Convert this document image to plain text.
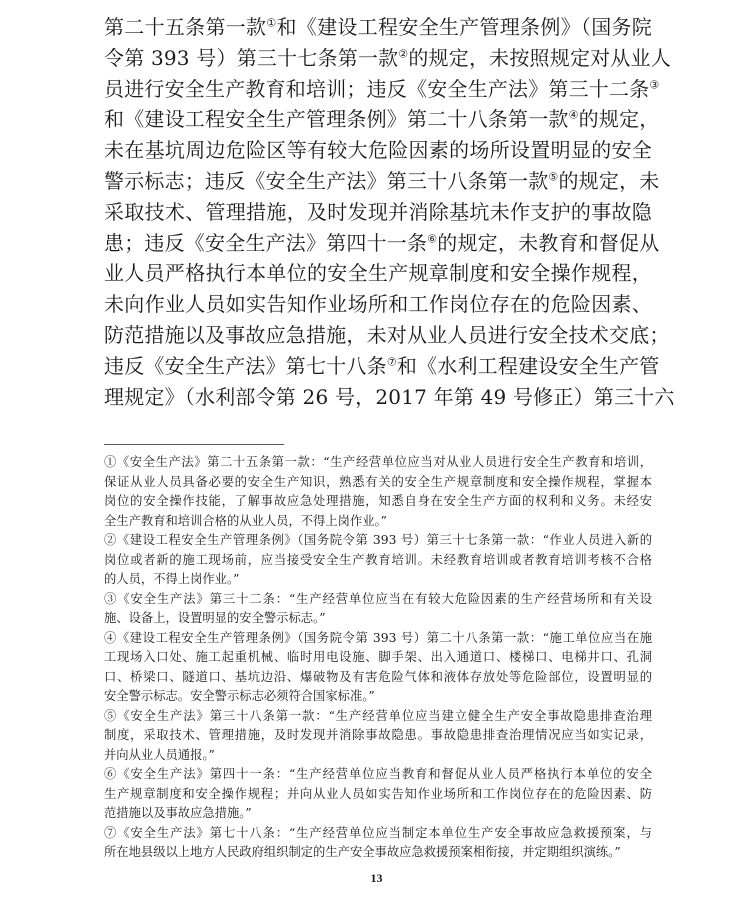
第二十五条第一款①和《建设工程安全生产管理条例》（国务院
令第 393 号）第三十七条第一款②的规定，未按照规定对从业人
员进行安全生产教育和培训；违反《安全生产法》第三十二条③
和《建设工程安全生产管理条例》第二十八条第一款④的规定，
未在基坑周边危险区等有较大危险因素的场所设置明显的安全
警示标志；违反《安全生产法》第三十八条第一款⑤的规定，未
采取技术、管理措施，及时发现并消除基坑未作支护的事故隐
患；违反《安全生产法》第四十一条⑥的规定，未教育和督促从
业人员严格执行本单位的安全生产规章制度和安全操作规程，
未向作业人员如实告知作业场所和工作岗位存在的危险因素、
防范措施以及事故应急措施，未对从业人员进行安全技术交底；
违反《安全生产法》第七十八条⑦和《水利工程建设安全生产管
理规定》（水利部令第 26 号，2017 年第 49 号修正）第三十六
①《安全生产法》第二十五条第一款：“生产经营单位应当对从业人员进行安全生产教育和培训，
保证从业人员具备必要的安全生产知识，熟悉有关的安全生产规章制度和安全操作规程，掌握本
岗位的安全操作技能，了解事故应急处理措施，知悉自身在安全生产方面的权利和义务。未经安
全生产教育和培训合格的从业人员，不得上岗作业。”
②《建设工程安全生产管理条例》（国务院令第 393 号）第三十七条第一款：“作业人员进入新的
岗位或者新的施工现场前，应当接受安全生产教育培训。未经教育培训或者教育培训考核不合格
的人员，不得上岗作业。”
③《安全生产法》第三十二条：“生产经营单位应当在有较大危险因素的生产经营场所和有关设
施、设备上，设置明显的安全警示标志。”
④《建设工程安全生产管理条例》（国务院令第 393 号）第二十八条第一款：“施工单位应当在施
工现场入口处、施工起重机械、临时用电设施、脚手架、出入通道口、楼梯口、电梯井口、孔洞
口、桥梁口、隧道口、基坑边沿、爆破物及有害危险气体和液体存放处等危险部位，设置明显的
安全警示标志。安全警示标志必须符合国家标准。”
⑤《安全生产法》第三十八条第一款：“生产经营单位应当建立健全生产安全事故隐患排查治理
制度，采取技术、管理措施，及时发现并消除事故隐患。事故隐患排查治理情况应当如实记录，
并向从业人员通报。”
⑥《安全生产法》第四十一条：“生产经营单位应当教育和督促从业人员严格执行本单位的安全
生产规章制度和安全操作规程；并向从业人员如实告知作业场所和工作岗位存在的危险因素、防
范措施以及事故应急措施。”
⑦《安全生产法》第七十八条：“生产经营单位应当制定本单位生产安全事故应急救援预案，与
所在地县级以上地方人民政府组织制定的生产安全事故应急救援预案相衔接，并定期组织演练。”
13
